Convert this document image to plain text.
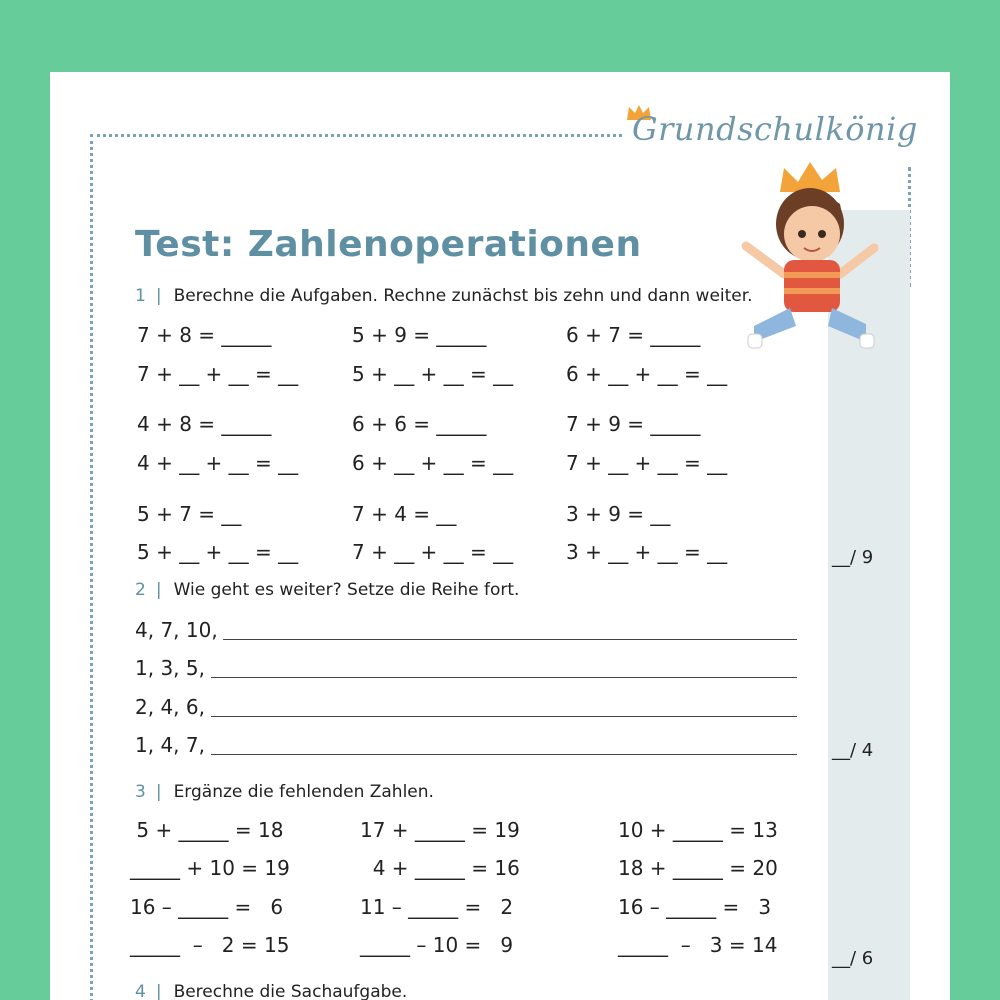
Grundschulkönig
Test: Zahlenoperationen
1 | Berechne die Aufgaben. Rechne zunächst bis zehn und dann weiter.
7 + 8 = _____	5 + 9 = _____	6 + 7 = _____
7 + __ + __ = __	5 + __ + __ = __	6 + __ + __ = __
4 + 8 = _____	6 + 6 = _____	7 + 9 = _____
4 + __ + __ = __	6 + __ + __ = __	7 + __ + __ = __
5 + 7 = __	7 + 4 = __	3 + 9 = __
5 + __ + __ = __	7 + __ + __ = __	3 + __ + __ = __	__/ 9
2 | Wie geht es weiter? Setze die Reihe fort.
4, 7, 10,
1, 3, 5,
2, 4, 6,
1, 4, 7,	__/ 4
3 | Ergänze die fehlenden Zahlen.
5 + _____ = 18	17 + _____ = 19	10 + _____ = 13
_____ + 10 = 19	4 + _____ = 16	18 + _____ = 20
16 – _____ =   6	11 – _____ =   2	16 – _____ =   3
_____  –   2 = 15	_____ – 10 =   9	_____  –   3 = 14
__/ 6
4 | Berechne die Sachaufgabe.
